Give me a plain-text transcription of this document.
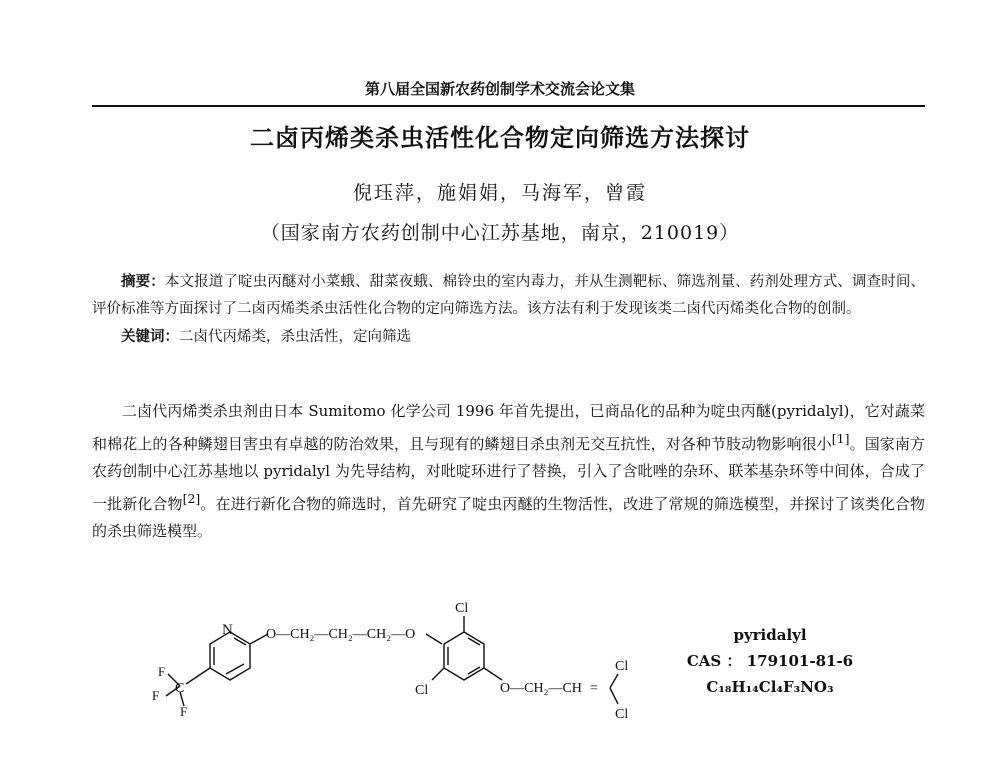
第八届全国新农药创制学术交流会论文集
二卤丙烯类杀虫活性化合物定向筛选方法探讨
倪珏萍，施娟娟，马海军，曾霞
（国家南方农药创制中心江苏基地，南京，210019）

摘要：本文报道了啶虫丙醚对小菜蛾、甜菜夜蛾、棉铃虫的室内毒力，并从生测靶标、筛选剂量、药剂处理方式、调查时间、评价标准等方面探讨了二卤丙烯类杀虫活性化合物的定向筛选方法。该方法有利于发现该类二卤代丙烯类化合物的创制。

关键词：二卤代丙烯类，杀虫活性，定向筛选

二卤代丙烯类杀虫剂由日本 Sumitomo 化学公司 1996 年首先提出，已商品化的品种为啶虫丙醚(pyridalyl)，它对蔬菜和棉花上的各种鳞翅目害虫有卓越的防治效果，且与现有的鳞翅目杀虫剂无交互抗性，对各种节肢动物影响很小[1]。国家南方农药创制中心江苏基地以 pyridalyl 为先导结构，对吡啶环进行了替换，引入了含吡唑的杂环、联苯基杂环等中间体，合成了一批新化合物[2]。在进行新化合物的筛选时，首先研究了啶虫丙醚的生物活性，改进了常规的筛选模型，并探讨了该类化合物的杀虫筛选模型。

N
F
F
F
C
O—CH₂—CH₂—CH₂—O
Cl
Cl	O—CH₂—CH =
Cl
Cl
pyridalyl
CAS ： 179101-81-6
C₁₈H₁₄Cl₄F₃NO₃
